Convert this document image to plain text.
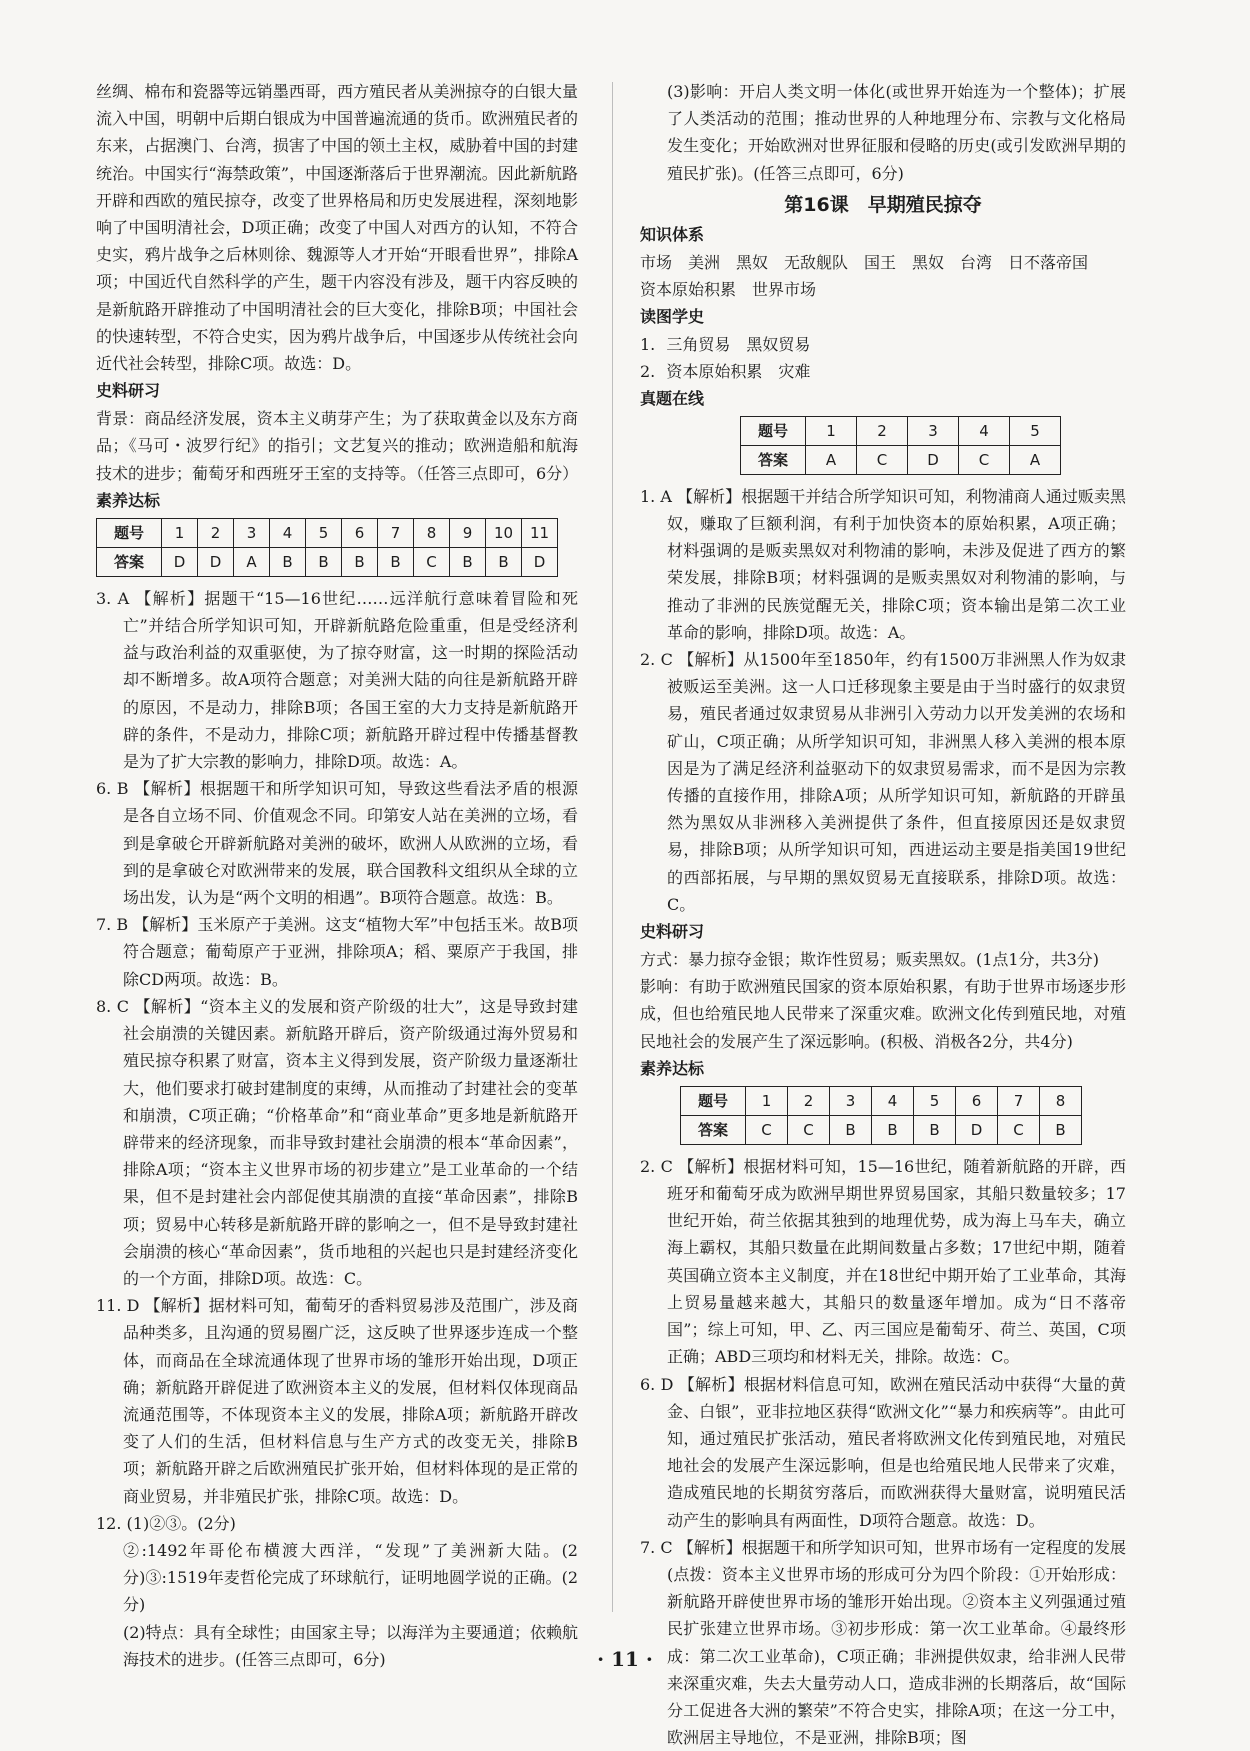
丝绸、棉布和瓷器等远销墨西哥，西方殖民者从美洲掠夺的白银大量流入中国，明朝中后期白银成为中国普遍流通的货币。欧洲殖民者的东来，占据澳门、台湾，损害了中国的领土主权，威胁着中国的封建统治。中国实行“海禁政策”，中国逐渐落后于世界潮流。因此新航路开辟和西欧的殖民掠夺，改变了世界格局和历史发展进程，深刻地影响了中国明清社会，D项正确；改变了中国人对西方的认知，不符合史实，鸦片战争之后林则徐、魏源等人才开始“开眼看世界”，排除A项；中国近代自然科学的产生，题干内容没有涉及，题干内容反映的是新航路开辟推动了中国明清社会的巨大变化，排除B项；中国社会的快速转型，不符合史实，因为鸦片战争后，中国逐步从传统社会向近代社会转型，排除C项。故选：D。

史料研习

背景：商品经济发展，资本主义萌芽产生；为了获取黄金以及东方商品；《马可・波罗行纪》的指引；文艺复兴的推动；欧洲造船和航海技术的进步；葡萄牙和西班牙王室的支持等。（任答三点即可，6分）

素养达标

题号	1	2	3	4	5	6	7	8	9	10	11
答案	D	D	A	B	B	B	B	C	B	B	D

3. A 【解析】据题干“15—16世纪……远洋航行意味着冒险和死亡”并结合所学知识可知，开辟新航路危险重重，但是受经济利益与政治利益的双重驱使，为了掠夺财富，这一时期的探险活动却不断增多。故A项符合题意；对美洲大陆的向往是新航路开辟的原因，不是动力，排除B项；各国王室的大力支持是新航路开辟的条件，不是动力，排除C项；新航路开辟过程中传播基督教是为了扩大宗教的影响力，排除D项。故选：A。

6. B 【解析】根据题干和所学知识可知，导致这些看法矛盾的根源是各自立场不同、价值观念不同。印第安人站在美洲的立场，看到是拿破仑开辟新航路对美洲的破坏，欧洲人从欧洲的立场，看到的是拿破仑对欧洲带来的发展，联合国教科文组织从全球的立场出发，认为是“两个文明的相遇”。B项符合题意。故选：B。

7. B 【解析】玉米原产于美洲。这支“植物大军”中包括玉米。故B项符合题意；葡萄原产于亚洲，排除项A；稻、粟原产于我国，排除CD两项。故选：B。

8. C 【解析】“资本主义的发展和资产阶级的壮大”，这是导致封建社会崩溃的关键因素。新航路开辟后，资产阶级通过海外贸易和殖民掠夺积累了财富，资本主义得到发展，资产阶级力量逐渐壮大，他们要求打破封建制度的束缚，从而推动了封建社会的变革和崩溃，C项正确；“价格革命”和“商业革命”更多地是新航路开辟带来的经济现象，而非导致封建社会崩溃的根本“革命因素”，排除A项；“资本主义世界市场的初步建立”是工业革命的一个结果，但不是封建社会内部促使其崩溃的直接“革命因素”，排除B项；贸易中心转移是新航路开辟的影响之一，但不是导致封建社会崩溃的核心“革命因素”，货币地租的兴起也只是封建经济变化的一个方面，排除D项。故选：C。

11. D 【解析】据材料可知，葡萄牙的香料贸易涉及范围广，涉及商品种类多，且沟通的贸易圈广泛，这反映了世界逐步连成一个整体，而商品在全球流通体现了世界市场的雏形开始出现，D项正确；新航路开辟促进了欧洲资本主义的发展，但材料仅体现商品流通范围等，不体现资本主义的发展，排除A项；新航路开辟改变了人们的生活，但材料信息与生产方式的改变无关，排除B项；新航路开辟之后欧洲殖民扩张开始，但材料体现的是正常的商业贸易，并非殖民扩张，排除C项。故选：D。

12. (1)②③。(2分)

②:1492年哥伦布横渡大西洋，“发现”了美洲新大陆。(2分)③:1519年麦哲伦完成了环球航行，证明地圆学说的正确。(2分)

(2)特点：具有全球性；由国家主导；以海洋为主要通道；依赖航海技术的进步。(任答三点即可，6分)

(3)影响：开启人类文明一体化(或世界开始连为一个整体)；扩展了人类活动的范围；推动世界的人种地理分布、宗教与文化格局发生变化；开始欧洲对世界征服和侵略的历史(或引发欧洲早期的殖民扩张)。(任答三点即可，6分)

第16课　早期殖民掠夺

知识体系

市场　美洲　黑奴　无敌舰队　国王　黑奴　台湾　日不落帝国

资本原始积累　世界市场

读图学史

1. 三角贸易　黑奴贸易

2. 资本原始积累　灾难

真题在线

题号	1	2	3	4	5
答案	A	C	D	C	A

1. A 【解析】根据题干并结合所学知识可知，利物浦商人通过贩卖黑奴，赚取了巨额利润，有利于加快资本的原始积累，A项正确；材料强调的是贩卖黑奴对利物浦的影响，未涉及促进了西方的繁荣发展，排除B项；材料强调的是贩卖黑奴对利物浦的影响，与推动了非洲的民族觉醒无关，排除C项；资本输出是第二次工业革命的影响，排除D项。故选：A。

2. C 【解析】从1500年至1850年，约有1500万非洲黑人作为奴隶被贩运至美洲。这一人口迁移现象主要是由于当时盛行的奴隶贸易，殖民者通过奴隶贸易从非洲引入劳动力以开发美洲的农场和矿山，C项正确；从所学知识可知，非洲黑人移入美洲的根本原因是为了满足经济利益驱动下的奴隶贸易需求，而不是因为宗教传播的直接作用，排除A项；从所学知识可知，新航路的开辟虽然为黑奴从非洲移入美洲提供了条件，但直接原因还是奴隶贸易，排除B项；从所学知识可知，西进运动主要是指美国19世纪的西部拓展，与早期的黑奴贸易无直接联系，排除D项。故选：C。

史料研习

方式：暴力掠夺金银；欺诈性贸易；贩卖黑奴。(1点1分，共3分)

影响：有助于欧洲殖民国家的资本原始积累，有助于世界市场逐步形成，但也给殖民地人民带来了深重灾难。欧洲文化传到殖民地，对殖民地社会的发展产生了深远影响。(积极、消极各2分，共4分)

素养达标

题号	1	2	3	4	5	6	7	8
答案	C	C	B	B	B	D	C	B

2. C 【解析】根据材料可知，15—16世纪，随着新航路的开辟，西班牙和葡萄牙成为欧洲早期世界贸易国家，其船只数量较多；17世纪开始，荷兰依据其独到的地理优势，成为海上马车夫，确立海上霸权，其船只数量在此期间数量占多数；17世纪中期，随着英国确立资本主义制度，并在18世纪中期开始了工业革命，其海上贸易量越来越大，其船只的数量逐年增加。成为“日不落帝国”；综上可知，甲、乙、丙三国应是葡萄牙、荷兰、英国，C项正确；ABD三项均和材料无关，排除。故选：C。

6. D 【解析】根据材料信息可知，欧洲在殖民活动中获得“大量的黄金、白银”，亚非拉地区获得“欧洲文化”“暴力和疾病等”。由此可知，通过殖民扩张活动，殖民者将欧洲文化传到殖民地，对殖民地社会的发展产生深远影响，但是也给殖民地人民带来了灾难，造成殖民地的长期贫穷落后，而欧洲获得大量财富，说明殖民活动产生的影响具有两面性，D项符合题意。故选：D。

7. C 【解析】根据题干和所学知识可知，世界市场有一定程度的发展(点拨：资本主义世界市场的形成可分为四个阶段：①开始形成：新航路开辟使世界市场的雏形开始出现。②资本主义列强通过殖民扩张建立世界市场。③初步形成：第一次工业革命。④最终形成：第二次工业革命)，C项正确；非洲提供奴隶，给非洲人民带来深重灾难，失去大量劳动人口，造成非洲的长期落后，故“国际分工促进各大洲的繁荣”不符合史实，排除A项；在这一分工中，欧洲居主导地位，不是亚洲，排除B项；图

· 11 ·
